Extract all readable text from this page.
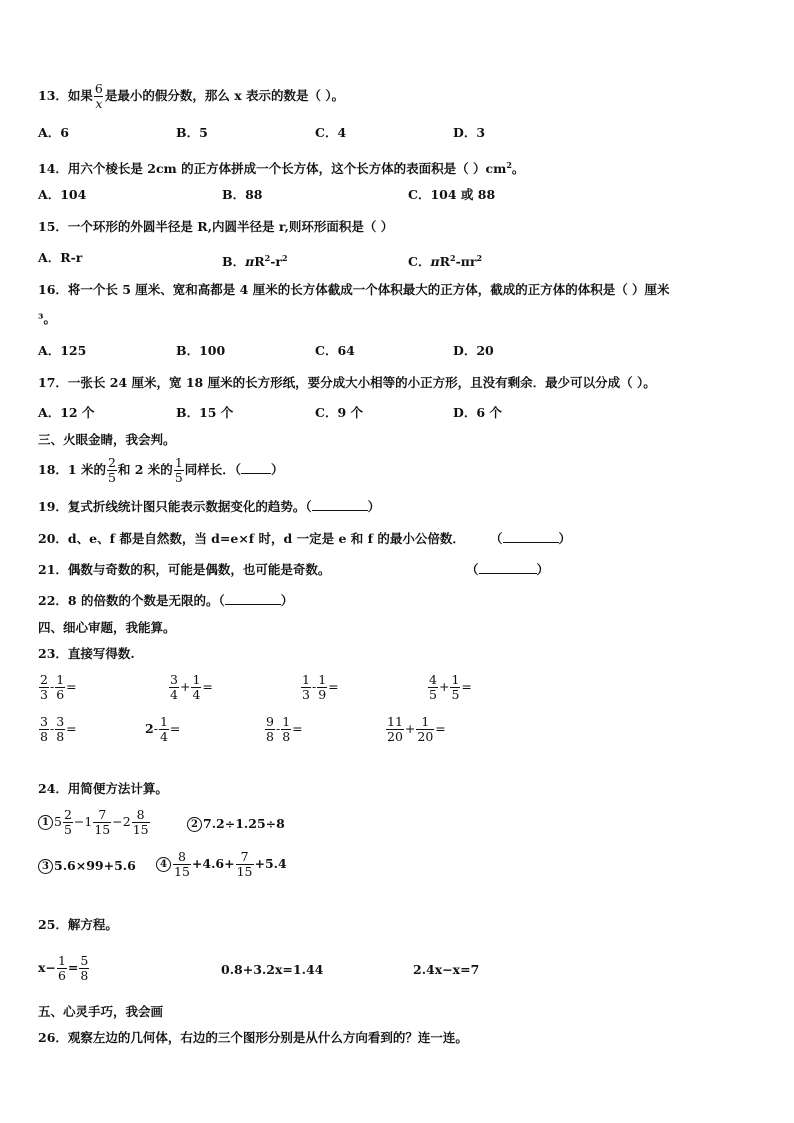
13．如果 $\frac{6}{x}$ 是最小的假分数，那么 x 表示的数是（ ）。
A．6	B．5	C．4	D．3
14．用六个棱长是 2cm 的正方体拼成一个长方体，这个长方体的表面积是（ ）$cm^2$。
A．104	B．88	C．104 或 88
15．一个环形的外圆半径是 R,内圆半径是 r,则环形面积是（ ）
A．R-r	B．$\pi R^2-r^2$	C．$\pi R^2-\pi r^2$
16．将一个长 5 厘米、宽和高都是 4 厘米的长方体截成一个体积最大的正方体，截成的正方体的体积是（ ）厘米
³。
A．125	B．100	C．64	D．20
17．一张长 24 厘米，宽 18 厘米的长方形纸，要分成大小相等的小正方形，且没有剩余．最少可以分成（ ）。
A．12 个	B．15 个	C．9 个	D．6 个
三、火眼金睛，我会判。
18．1 米的 $\frac{2}{5}$ 和 2 米的 $\frac{1}{5}$ 同样长．（ ）
19．复式折线统计图只能表示数据变化的趋势。（	）
20．d、e、f 都是自然数，当 d=e×f 时，d 一定是 e 和 f 的最小公倍数． （	）
21．偶数与奇数的积，可能是偶数，也可能是奇数。	（	）
22．8 的倍数的个数是无限的。（	）
四、细心审题，我能算。
23．直接写得数.
$\frac{2}{3} - \frac{1}{6}$ =	$\frac{3}{4} + \frac{1}{4}$ =	$\frac{1}{3} - \frac{1}{9}$ =	$\frac{4}{5} + \frac{1}{5}$ =
$\frac{3}{8} - \frac{3}{8}$ =	$2- \frac{1}{4}$ =	$\frac{9}{8} - \frac{1}{8}$ =	$\frac{11}{20} + \frac{1}{20}$ =
24．用简便方法计算。
1 $5 \frac{2}{5} -1 \frac{7}{15} -2 \frac{8}{15}$	2 7.2÷1.25÷8
3 5.6×99+5.6	$4 \frac{8}{15} +4.6+ \frac{7}{15} +5.4$
25．解方程。
$x- \frac{1}{6} = \frac{5}{8}$	0.8+3.2x=1.44	2.4x−x=7
五、心灵手巧，我会画
26．观察左边的几何体，右边的三个图形分别是从什么方向看到的？连一连。
